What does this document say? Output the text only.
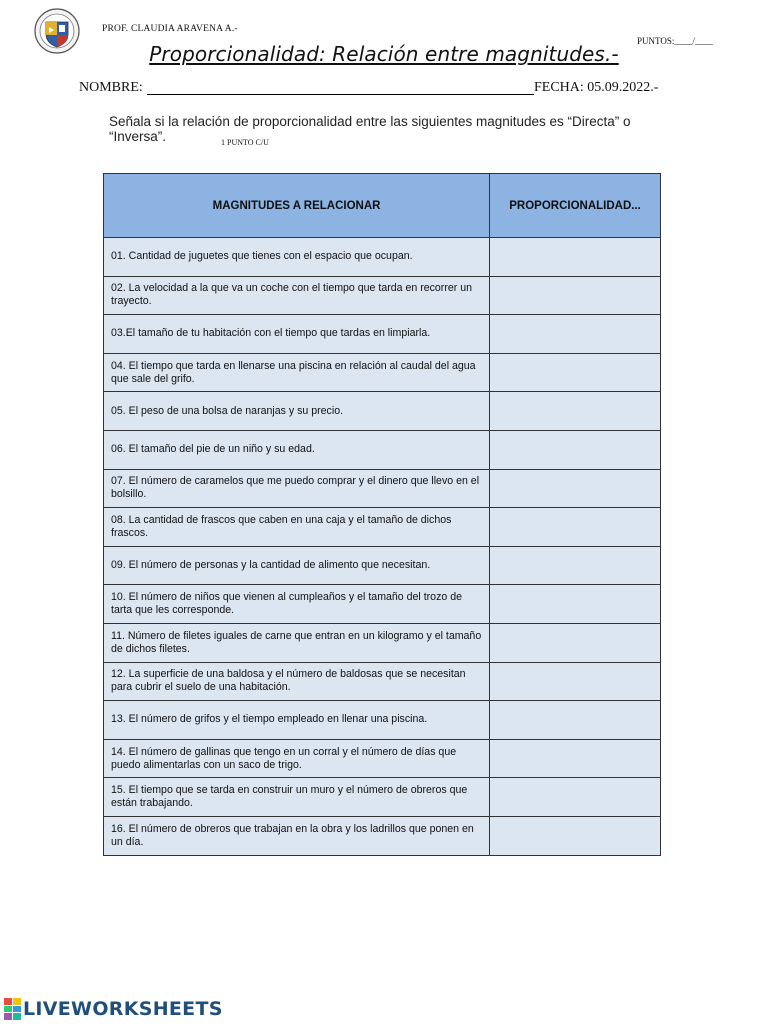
PROF. CLAUDIA ARAVENA A.-
PUNTOS:____/____
Proporcionalidad: Relación entre magnitudes.-
NOMBRE:	FECHA: 05.09.2022.-
Señala si la relación de proporcionalidad entre las siguientes magnitudes es “Directa” o “Inversa”.	1 PUNTO C/U
MAGNITUDES A RELACIONAR	PROPORCIONALIDAD...
01. Cantidad de juguetes que tienes con el espacio que ocupan.	
02. La velocidad a la que va un coche con el tiempo que tarda en recorrer un trayecto.	
03.El tamaño de tu habitación con el tiempo que tardas en limpiarla.	
04. El tiempo que tarda en llenarse una piscina en relación al caudal del agua que sale del grifo.	
05. El peso de una bolsa de naranjas y su precio.	
06. El tamaño del pie de un niño y su edad.	
07. El número de caramelos que me puedo comprar y el dinero que llevo en el bolsillo.	
08. La cantidad de frascos que caben en una caja y el tamaño de dichos frascos.	
09. El número de personas y la cantidad de alimento que necesitan.	
10. El número de niños que vienen al cumpleaños y el tamaño del trozo de tarta que les corresponde.	
11. Número de filetes iguales de carne que entran en un kilogramo y el tamaño de dichos filetes.	
12. La superficie de una baldosa y el número de baldosas que se necesitan para cubrir el suelo de una habitación.	
13. El número de grifos y el tiempo empleado en llenar una piscina.	
14. El número de gallinas que tengo en un corral y el número de días que puedo alimentarlas con un saco de trigo.	
15. El tiempo que se tarda en construir un muro y el número de obreros que están trabajando.	
16. El número de obreros que trabajan en la obra y los ladrillos que ponen en un día.	
LIVEWORKSHEETS
